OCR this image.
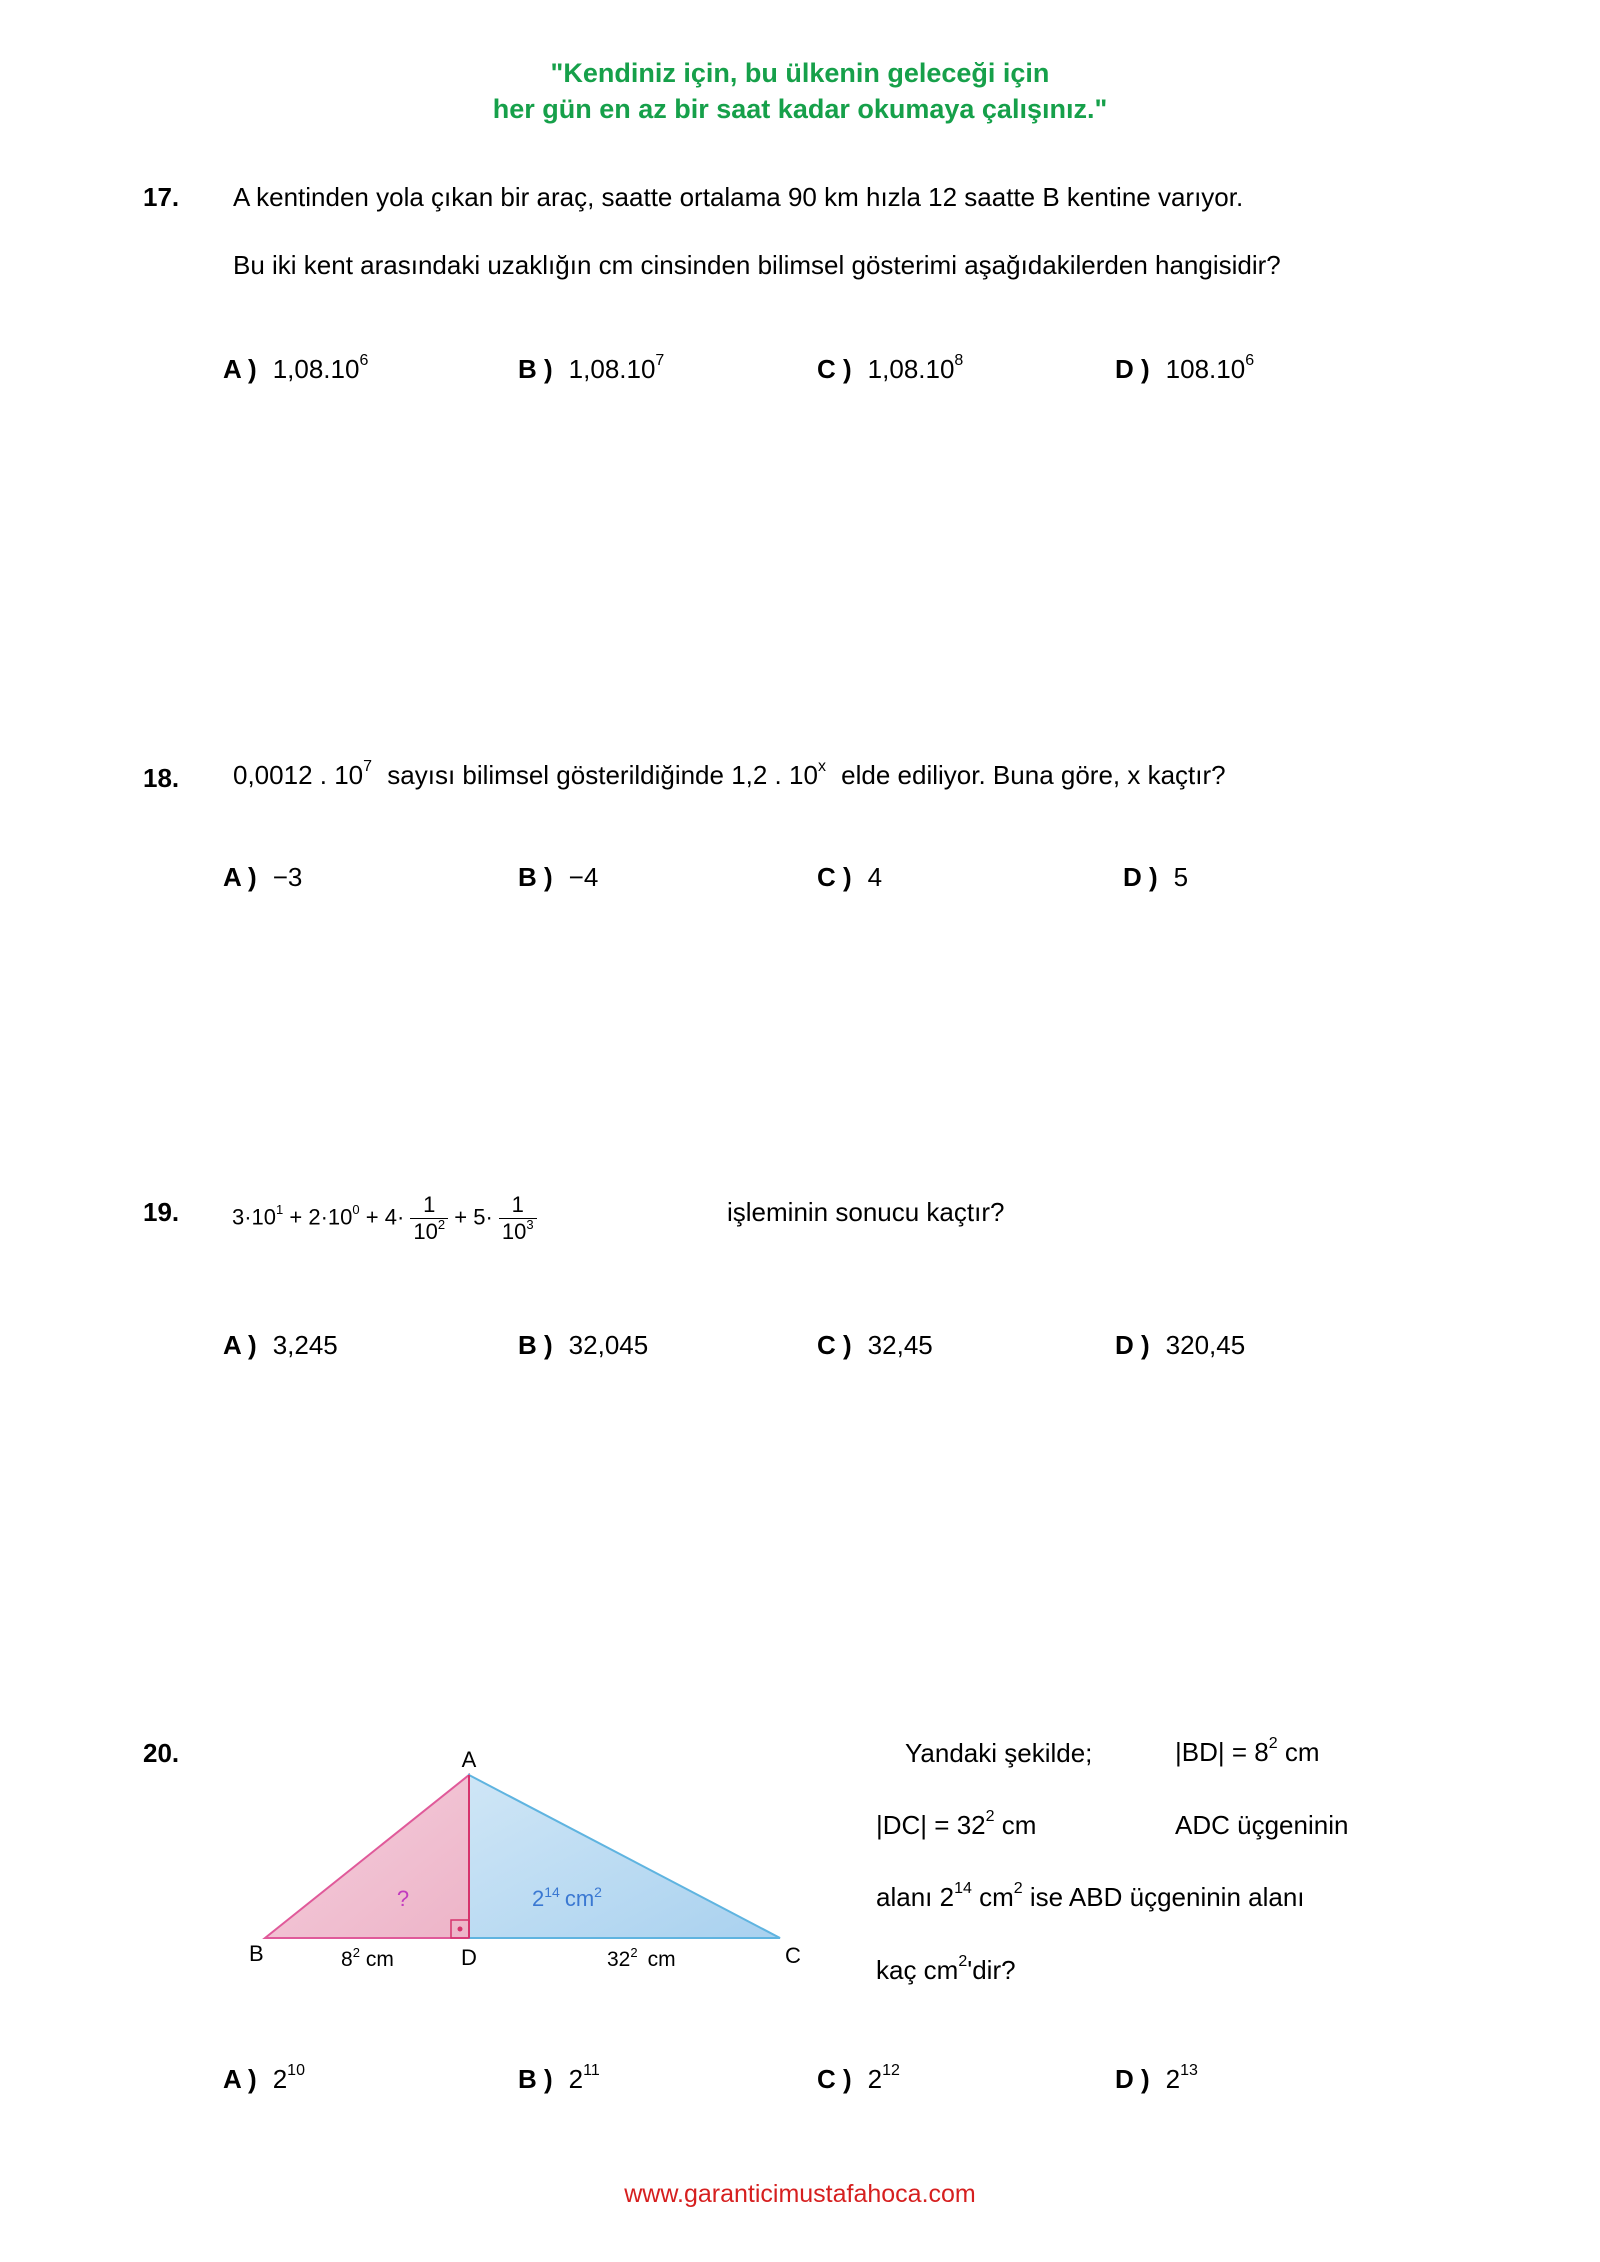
"Kendiniz için, bu ülkenin geleceği için
her gün en az bir saat kadar okumaya çalışınız."
17. A kentinden yola çıkan bir araç, saatte ortalama 90 km hızla 12 saatte B kentine varıyor.
Bu iki kent arasındaki uzaklığın cm cinsinden bilimsel gösterimi aşağıdakilerden hangisidir?
A ) 1,08.10$^6$	B ) 1,08.10$^7$	C ) 1,08.10$^8$	D ) 108.10$^6$
18. 0,0012 . $10^7$ sayısı bilimsel gösterildiğinde 1,2 . 10$^x$ elde ediliyor. Buna göre, x kaçtır?
A ) −3	B ) −4	C ) 4	D ) 5
19. $3\cdot 10^1 + 2\cdot 10^0 + 4\cdot \frac{1}{10^2} + 5\cdot \frac{1}{10^3}$	işleminin sonucu kaçtır?
A ) 3,245	B ) 32,045	C ) 32,45	D ) 320,45
20.	A
B	D	C
?	$2^{14}$ $cm^2$
$8^2$ cm	$32^2$ cm
Yandaki şekilde;	$|BD| = 8^2$ cm
$|DC| = 32^2$ cm	ADC üçgeninin
alanı $2^{14}$ $cm^2$ ise ABD üçgeninin alanı
kaç $cm^2'dir$?
A ) $2^{10}$	B ) $2^{11}$	C ) $2^{12}$	D ) $2^{13}$
www.garanticimustafahoca.com
